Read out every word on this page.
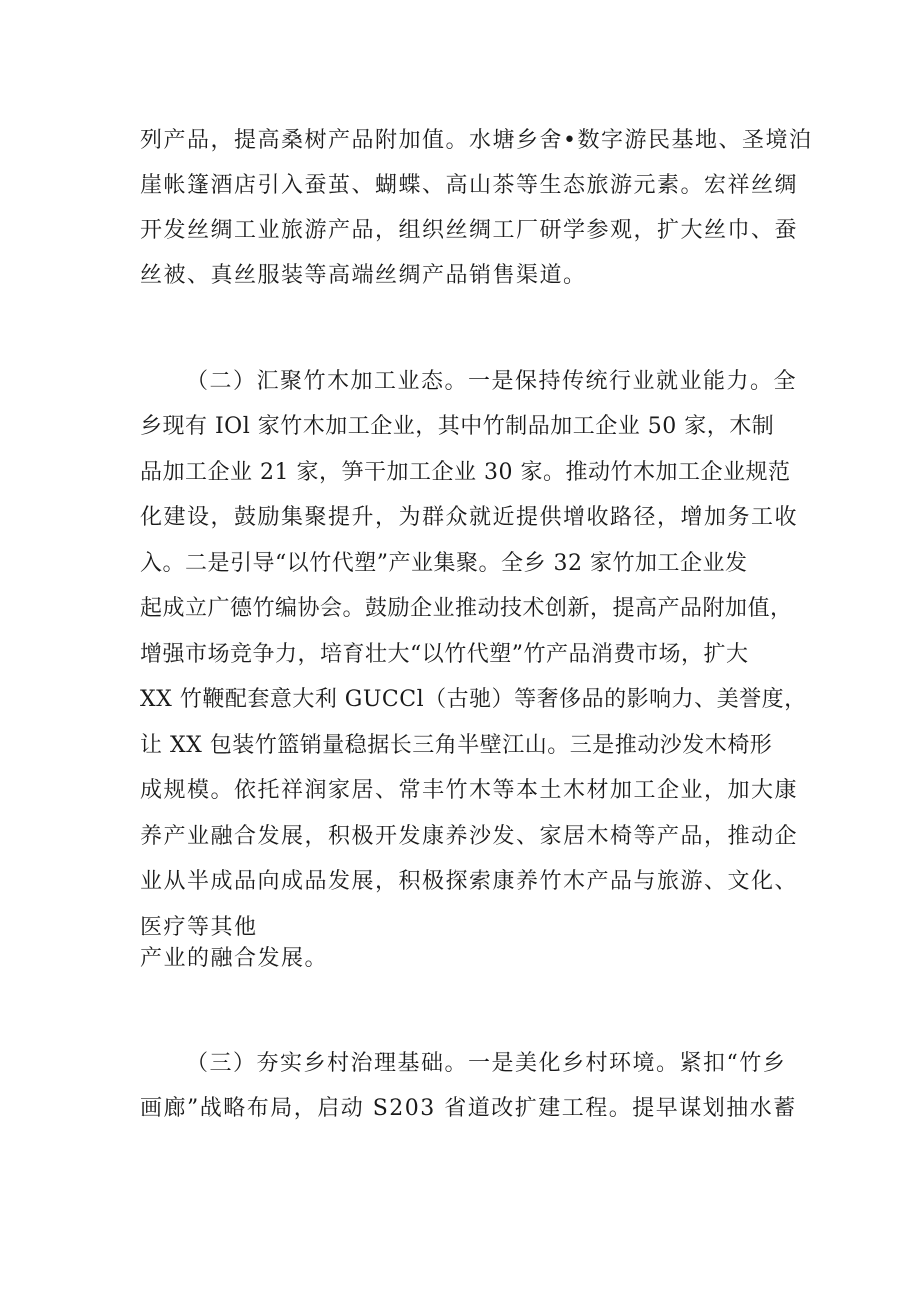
列产品，提高桑树产品附加值。水塘乡舍•数字游民基地、圣境泊
崖帐篷酒店引入蚕茧、蝴蝶、高山茶等生态旅游元素。宏祥丝绸
开发丝绸工业旅游产品，组织丝绸工厂研学参观，扩大丝巾、蚕
丝被、真丝服装等高端丝绸产品销售渠道。
（二）汇聚竹木加工业态。一是保持传统行业就业能力。全
乡现有 IOl 家竹木加工企业，其中竹制品加工企业 50 家，木制
品加工企业 21 家，笋干加工企业 30 家。推动竹木加工企业规范
化建设，鼓励集聚提升，为群众就近提供增收路径，增加务工收
入。二是引导“以竹代塑”产业集聚。全乡 32 家竹加工企业发
起成立广德竹编协会。鼓励企业推动技术创新，提高产品附加值，
增强市场竞争力，培育壮大“以竹代塑”竹产品消费市场，扩大
XX 竹鞭配套意大利 GUCCl（古驰）等奢侈品的影响力、美誉度，
让 XX 包装竹篮销量稳据长三角半壁江山。三是推动沙发木椅形
成规模。依托祥润家居、常丰竹木等本土木材加工企业，加大康
养产业融合发展，积极开发康养沙发、家居木椅等产品，推动企
业从半成品向成品发展，积极探索康养竹木产品与旅游、文化、
医疗等其他
产业的融合发展。
（三）夯实乡村治理基础。一是美化乡村环境。紧扣“竹乡
画廊”战略布局，启动 S203 省道改扩建工程。提早谋划抽水蓄
